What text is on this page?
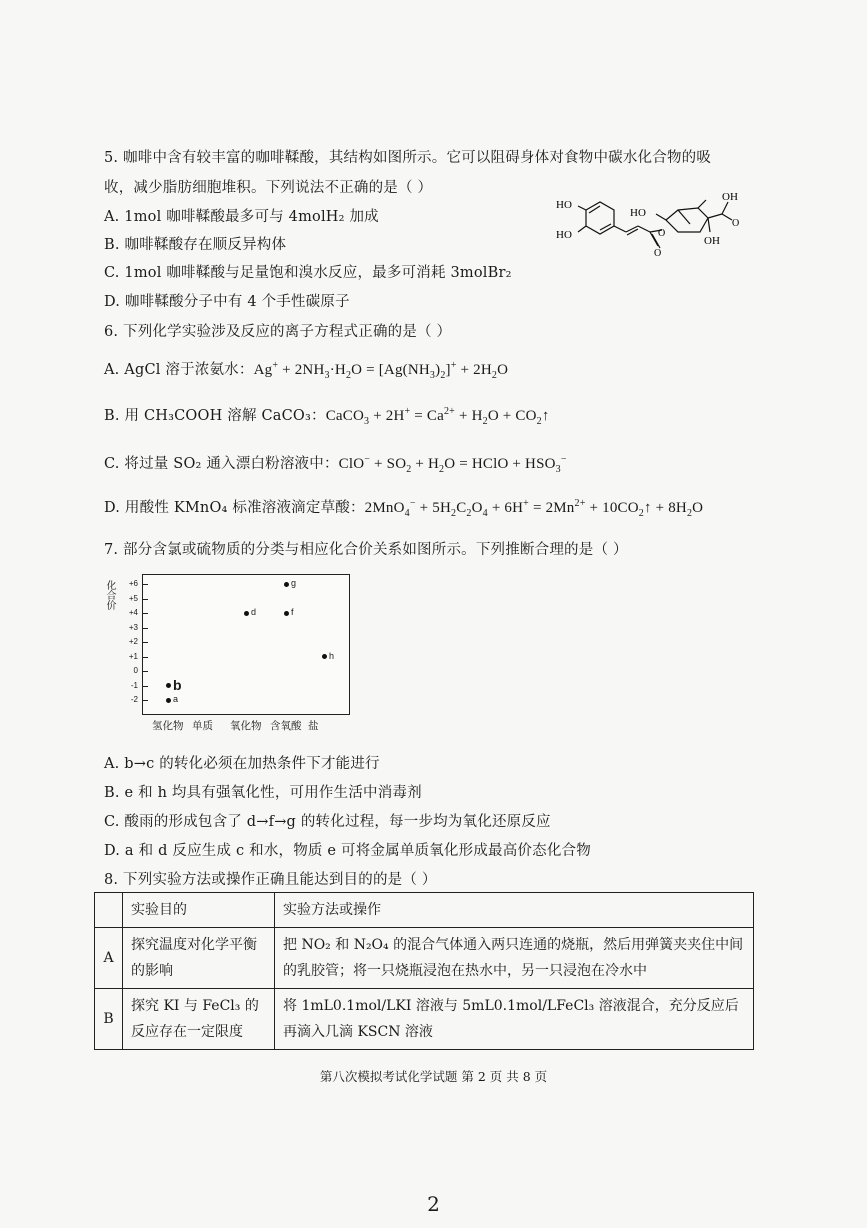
5. 咖啡中含有较丰富的咖啡鞣酸，其结构如图所示。它可以阻碍身体对食物中碳水化合物的吸
收，减少脂肪细胞堆积。下列说法不正确的是（ ）
A. 1mol 咖啡鞣酸最多可与 4molH₂ 加成
B. 咖啡鞣酸存在顺反异构体
C. 1mol 咖啡鞣酸与足量饱和溴水反应，最多可消耗 3molBr₂
D. 咖啡鞣酸分子中有 4 个手性碳原子
HO
HO
HO
O
O
OH
O
OH
6. 下列化学实验涉及反应的离子方程式正确的是（ ）
A. AgCl 溶于浓氨水：$Ag^+ + 2NH_3\cdot H_2O = [Ag(NH_3)_2]^+ + 2H_2O$
B. 用 CH₃COOH 溶解 CaCO₃：CaCO$_3$ + $2H^+ = Ca^{2+} + H_2O$ + $CO_2↑$
C. 将过量 SO₂ 通入漂白粉溶液中：$ClO^- + SO_2 + H_2O$ = HClO + $HSO_3^-$
D. 用酸性 KMnO₄ 标准溶液滴定草酸：$2MnO_4^- + 5H_2C_2O_4 + 6H^+ = 2Mn^{2+}$ + $10CO_2↑ + 8H_2O$
7. 部分含氯或硫物质的分类与相应化合价关系如图所示。下列推断合理的是（ ）
化合价	+6
+5
+4
+3
+2
+1
0
-1
-2
氢化物 单质 氧化物 含氧酸 盐
a
b
d	f
g
h
A. b→c 的转化必须在加热条件下才能进行
B. e 和 h 均具有强氧化性，可用作生活中消毒剂
C. 酸雨的形成包含了 d→f→g 的转化过程，每一步均为氧化还原反应
D. a 和 d 反应生成 c 和水，物质 e 可将金属单质氧化形成最高价态化合物
8. 下列实验方法或操作正确且能达到目的的是（ ）
	实验目的	实验方法或操作
A	探究温度对化学平衡的影响	把 NO₂ 和 N₂O₄ 的混合气体通入两只连通的烧瓶，然后用弹簧夹夹住中间的乳胶管；将一只烧瓶浸泡在热水中，另一只浸泡在冷水中
B	探究 KI 与 FeCl₃ 的反应存在一定限度	将 1mL0.1mol/LKI 溶液与 5mL0.1mol/LFeCl₃ 溶液混合，充分反应后再滴入几滴 KSCN 溶液
第八次模拟考试化学试题 第 2 页 共 8 页
2
